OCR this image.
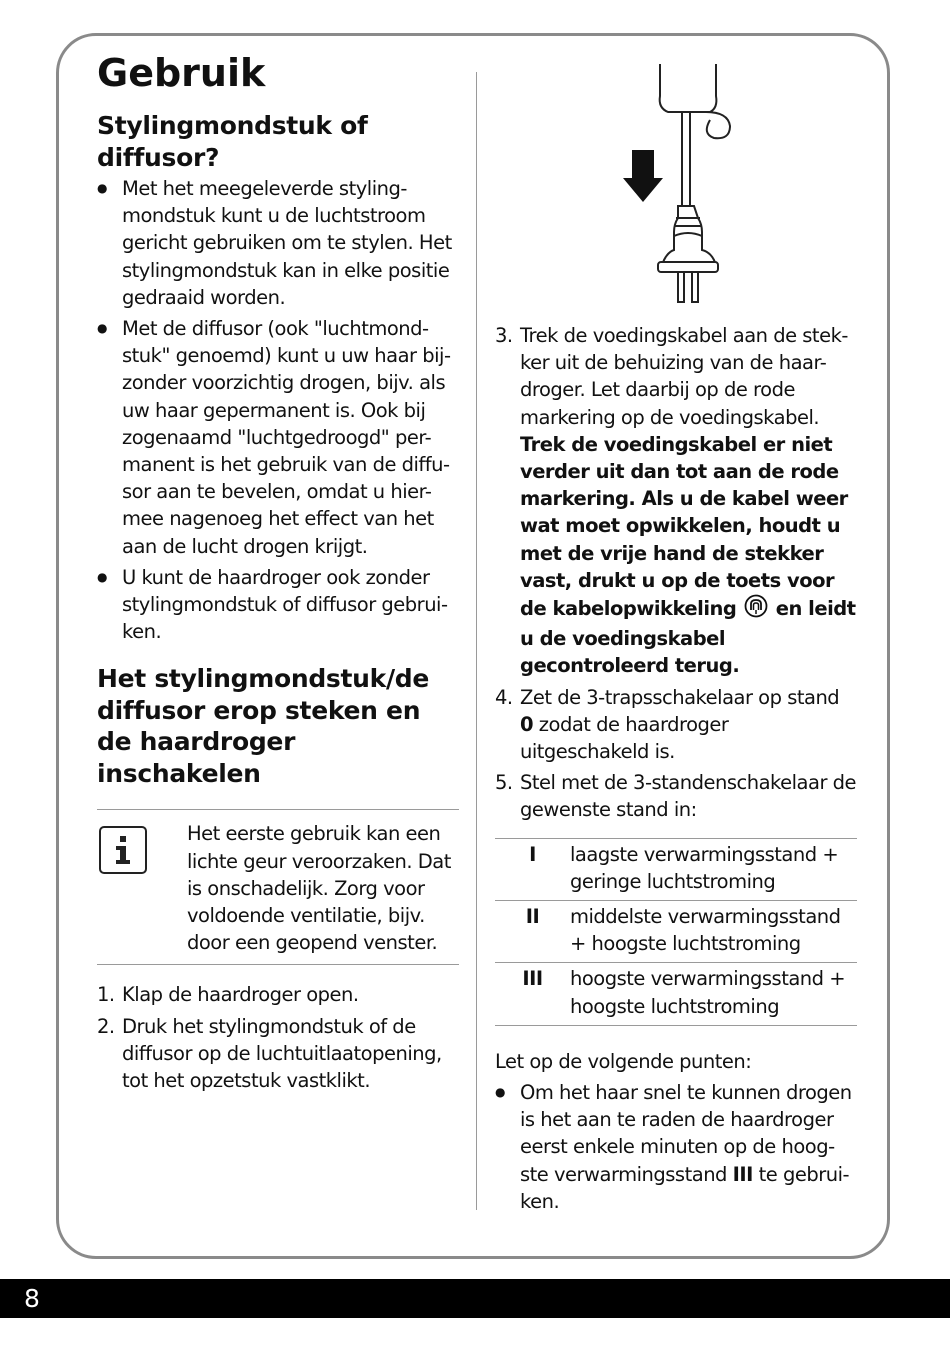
Gebruik
Stylingmondstuk of diffusor?
● Met het meegeleverde styling-mondstuk kunt u de luchtstroom gericht gebruiken om te stylen. Het stylingmondstuk kan in elke positie gedraaid worden.
● Met de diffusor (ook "luchtmond-stuk" genoemd) kunt u uw haar bij-zonder voorzichtig drogen, bijv. als uw haar gepermanent is. Ook bij zogenaamd "luchtgedroogd" per-manent is het gebruik van de diffu-sor aan te bevelen, omdat u hier-mee nagenoeg het effect van het aan de lucht drogen krijgt.
● U kunt de haardroger ook zonder stylingmondstuk of diffusor gebrui-ken.
Het stylingmondstuk/de diffusor erop steken en de haardroger inschakelen
Het eerste gebruik kan een lichte geur veroorzaken. Dat is onschadelijk. Zorg voor voldoende ventilatie, bijv. door een geopend venster.
1. Klap de haardroger open.
2. Druk het stylingmondstuk of de diffusor op de luchtuitlaatopening, tot het opzetstuk vastklikt.
3. Trek de voedingskabel aan de stek-ker uit de behuizing van de haar-droger. Let daarbij op de rode markering op de voedingskabel. Trek de voedingskabel er niet verder uit dan tot aan de rode markering. Als u de kabel weer wat moet opwikkelen, houdt u met de vrije hand de stekker vast, drukt u op de toets voor de kabelopwikkeling en leidt u de voedingskabel gecontroleerd terug.
4. Zet de 3-trapsschakelaar op stand 0 zodat de haardroger uitgeschakeld is.
5. Stel met de 3-standenschakelaar de gewenste stand in:
I	laagste verwarmingsstand + geringe luchtstroming
II	middelste verwarmingsstand + hoogste luchtstroming
III	hoogste verwarmingsstand + hoogste luchtstroming
Let op de volgende punten:
● Om het haar snel te kunnen drogen is het aan te raden de haardroger eerst enkele minuten op de hoog-ste verwarmingsstand III te gebrui-ken.
8
